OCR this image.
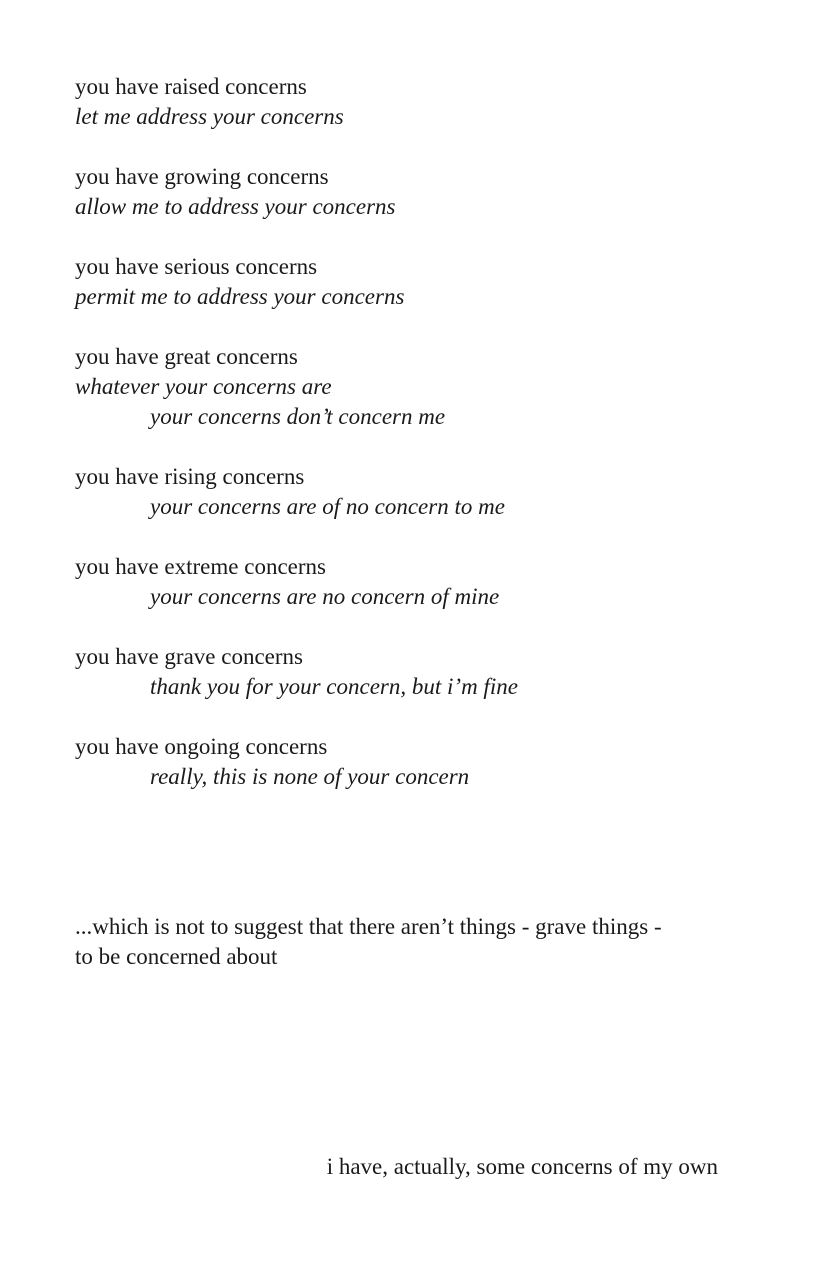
you have raised concerns
let me address your concerns
you have growing concerns
allow me to address your concerns
you have serious concerns
permit me to address your concerns
you have great concerns
whatever your concerns are
your concerns don’t concern me
you have rising concerns
your concerns are of no concern to me
you have extreme concerns
your concerns are no concern of mine
you have grave concerns
thank you for your concern, but i’m fine
you have ongoing concerns
really, this is none of your concern
...which is not to suggest that there aren’t things - grave things -
to be concerned about
i have, actually, some concerns of my own
